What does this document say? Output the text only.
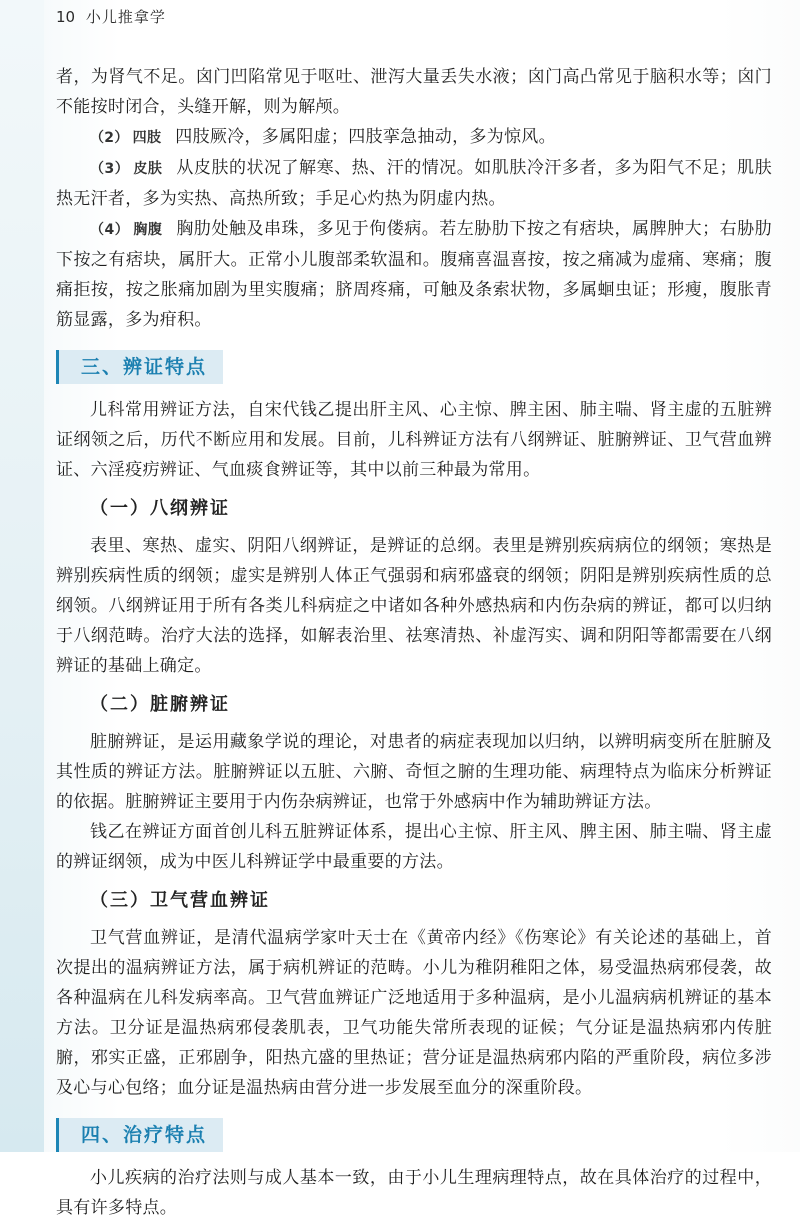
10 小儿推拿学

者，为肾气不足。囟门凹陷常见于呕吐、泄泻大量丢失水液；囟门高凸常见于脑积水等；囟门不能按时闭合，头缝开解，则为解颅。

（2） 四肢 四肢厥冷，多属阳虚；四肢挛急抽动，多为惊风。

（3） 皮肤 从皮肤的状况了解寒、热、汗的情况。如肌肤冷汗多者，多为阳气不足；肌肤热无汗者，多为实热、高热所致；手足心灼热为阴虚内热。

（4） 胸腹 胸肋处触及串珠，多见于佝偻病。若左胁肋下按之有痞块，属脾肿大；右胁肋下按之有痞块，属肝大。正常小儿腹部柔软温和。腹痛喜温喜按，按之痛减为虚痛、寒痛；腹痛拒按，按之胀痛加剧为里实腹痛；脐周疼痛，可触及条索状物，多属蛔虫证；形瘦，腹胀青筋显露，多为疳积。

三、辨证特点

儿科常用辨证方法，自宋代钱乙提出肝主风、心主惊、脾主困、肺主喘、肾主虚的五脏辨证纲领之后，历代不断应用和发展。目前，儿科辨证方法有八纲辨证、脏腑辨证、卫气营血辨证、六淫疫疠辨证、气血痰食辨证等，其中以前三种最为常用。

（一）八纲辨证

表里、寒热、虚实、阴阳八纲辨证，是辨证的总纲。表里是辨别疾病病位的纲领；寒热是辨别疾病性质的纲领；虚实是辨别人体正气强弱和病邪盛衰的纲领；阴阳是辨别疾病性质的总纲领。八纲辨证用于所有各类儿科病症之中诸如各种外感热病和内伤杂病的辨证，都可以归纳于八纲范畴。治疗大法的选择，如解表治里、祛寒清热、补虚泻实、调和阴阳等都需要在八纲辨证的基础上确定。

（二）脏腑辨证

脏腑辨证，是运用藏象学说的理论，对患者的病症表现加以归纳，以辨明病变所在脏腑及其性质的辨证方法。脏腑辨证以五脏、六腑、奇恒之腑的生理功能、病理特点为临床分析辨证的依据。脏腑辨证主要用于内伤杂病辨证，也常于外感病中作为辅助辨证方法。

钱乙在辨证方面首创儿科五脏辨证体系，提出心主惊、肝主风、脾主困、肺主喘、肾主虚的辨证纲领，成为中医儿科辨证学中最重要的方法。

（三）卫气营血辨证

卫气营血辨证，是清代温病学家叶天士在《黄帝内经》《伤寒论》有关论述的基础上，首次提出的温病辨证方法，属于病机辨证的范畴。小儿为稚阴稚阳之体，易受温热病邪侵袭，故各种温病在儿科发病率高。卫气营血辨证广泛地适用于多种温病，是小儿温病病机辨证的基本方法。卫分证是温热病邪侵袭肌表，卫气功能失常所表现的证候；气分证是温热病邪内传脏腑，邪实正盛，正邪剧争，阳热亢盛的里热证；营分证是温热病邪内陷的严重阶段，病位多涉及心与心包络；血分证是温热病由营分进一步发展至血分的深重阶段。

四、治疗特点

小儿疾病的治疗法则与成人基本一致，由于小儿生理病理特点，故在具体治疗的过程中，具有许多特点。
